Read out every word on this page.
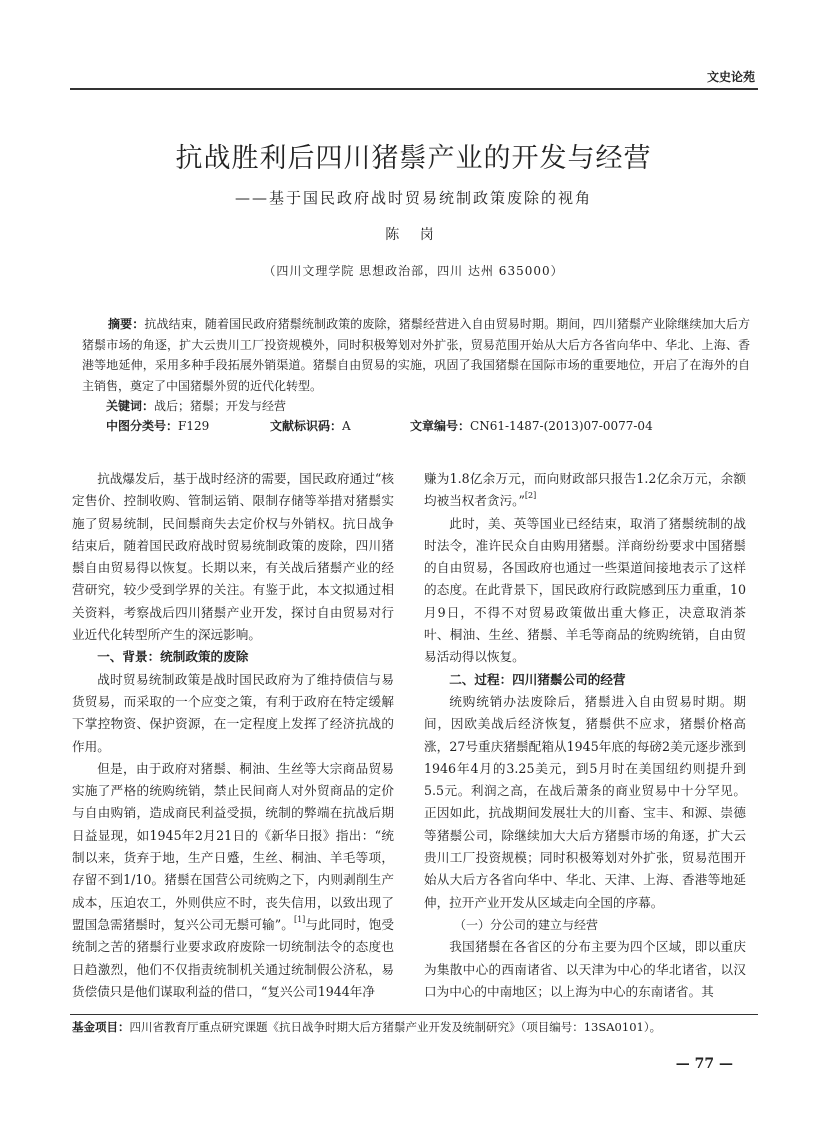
文史论苑
抗战胜利后四川猪鬃产业的开发与经营
——基于国民政府战时贸易统制政策废除的视角
陈 岗
（四川文理学院 思想政治部，四川 达州 635000）
摘要：抗战结束，随着国民政府猪鬃统制政策的废除，猪鬃经营进入自由贸易时期。期间，四川猪鬃产业除继续加大后方猪鬃市场的角逐，扩大云贵川工厂投资规模外，同时积极筹划对外扩张，贸易范围开始从大后方各省向华中、华北、上海、香港等地延伸，采用多种手段拓展外销渠道。猪鬃自由贸易的实施，巩固了我国猪鬃在国际市场的重要地位，开启了在海外的自主销售，奠定了中国猪鬃外贸的近代化转型。
关键词：战后；猪鬃；开发与经营
中图分类号：F129	文献标识码：A	文章编号：CN61-1487-(2013)07-0077-04

抗战爆发后，基于战时经济的需要，国民政府通过“核定售价、控制收购、管制运销、限制存储等举措对猪鬃实施了贸易统制，民间鬃商失去定价权与外销权。抗日战争结束后，随着国民政府战时贸易统制政策的废除，四川猪鬃自由贸易得以恢复。长期以来，有关战后猪鬃产业的经营研究，较少受到学界的关注。有鉴于此，本文拟通过相关资料，考察战后四川猪鬃产业开发，探讨自由贸易对行业近代化转型所产生的深远影响。

一、背景：统制政策的废除

战时贸易统制政策是战时国民政府为了维持债信与易货贸易，而采取的一个应变之策，有利于政府在特定缓解下掌控物资、保护资源，在一定程度上发挥了经济抗战的作用。

但是，由于政府对猪鬃、桐油、生丝等大宗商品贸易实施了严格的统购统销，禁止民间商人对外贸商品的定价与自由购销，造成商民利益受损，统制的弊端在抗战后期日益显现，如1945年2月21日的《新华日报》指出：“统制以来，货弃于地，生产日蹙，生丝、桐油、羊毛等项，存留不到1/10。猪鬃在国营公司统购之下，内则剥削生产成本，压迫农工，外则供应不时，丧失信用，以致出现了盟国急需猪鬃时，复兴公司无鬃可输”。[1]与此同时，饱受统制之苦的猪鬃行业要求政府废除一切统制法令的态度也日趋激烈，他们不仅指责统制机关通过统制假公济私，易货偿债只是他们谋取利益的借口，“复兴公司1944年净

赚为1.8亿余万元，而向财政部只报告1.2亿余万元，余额均被当权者贪污。”[2]

此时，美、英等国业已经结束，取消了猪鬃统制的战时法令，准许民众自由购用猪鬃。洋商纷纷要求中国猪鬃的自由贸易，各国政府也通过一些渠道间接地表示了这样的态度。在此背景下，国民政府行政院感到压力重重，10月9日，不得不对贸易政策做出重大修正，决意取消茶叶、桐油、生丝、猪鬃、羊毛等商品的统购统销，自由贸易活动得以恢复。

二、过程：四川猪鬃公司的经营

统购统销办法废除后，猪鬃进入自由贸易时期。期间，因欧美战后经济恢复，猪鬃供不应求，猪鬃价格高涨，27号重庆猪鬃配箱从1945年底的每磅2美元逐步涨到1946年4月的3.25美元，到5月时在美国纽约则提升到5.5元。利润之高，在战后萧条的商业贸易中十分罕见。正因如此，抗战期间发展壮大的川畜、宝丰、和源、崇德等猪鬃公司，除继续加大大后方猪鬃市场的角逐，扩大云贵川工厂投资规模；同时积极筹划对外扩张，贸易范围开始从大后方各省向华中、华北、天津、上海、香港等地延伸，拉开产业开发从区域走向全国的序幕。

（一）分公司的建立与经营

我国猪鬃在各省区的分布主要为四个区域，即以重庆为集散中心的西南诸省、以天津为中心的华北诸省，以汉口为中心的中南地区；以上海为中心的东南诸省。其

基金项目：四川省教育厅重点研究课题《抗日战争时期大后方猪鬃产业开发及统制研究》（项目编号：13SA0101）。
— 77 —
